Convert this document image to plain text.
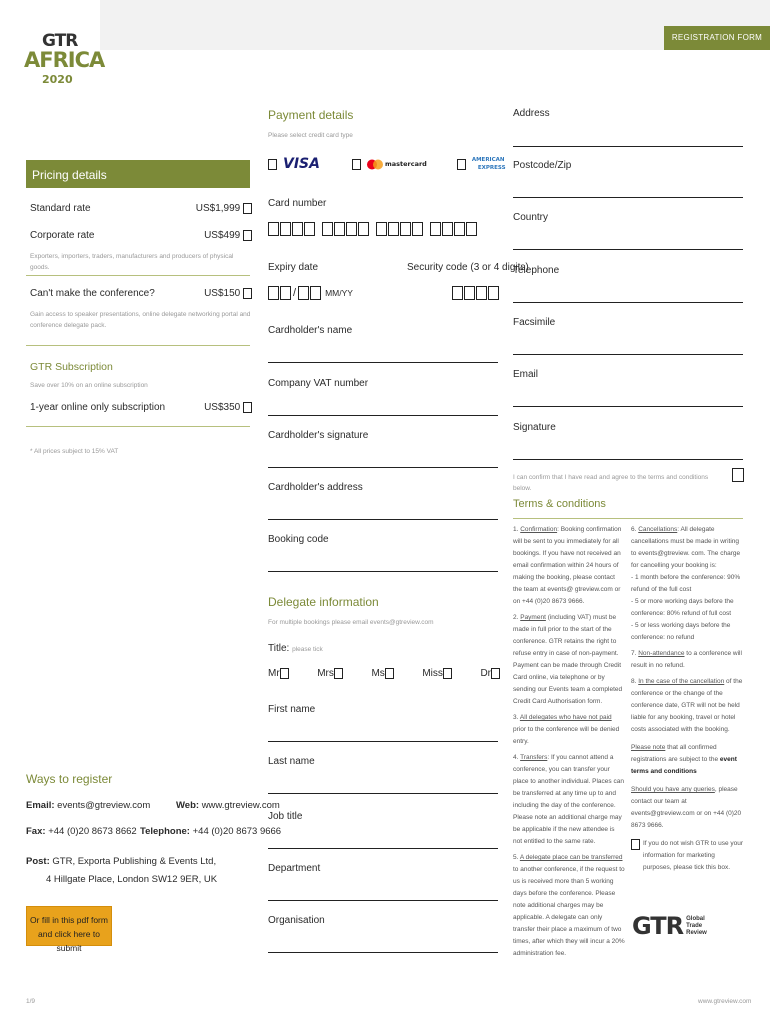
REGISTRATION FORM
GTR
AFRICA
2020
Pricing details
Standard rate	US$1,999
Corporate rate	US$499
Exporters, importers, traders, manufacturers and producers of physical goods.
Can't make the conference?	US$150
Gain access to speaker presentations, online delegate networking portal and conference delegate pack.
GTR Subscription
Save over 10% on an online subscription
1-year online only subscription	US$350
* All prices subject to 15% VAT
Ways to register
Email: events@gtreview.com	Web: www.gtreview.com
Fax: +44 (0)20 8673 8662 Telephone: +44 (0)20 8673 9666
Post: GTR, Exporta Publishing & Events Ltd,
4 Hillgate Place, London SW12 9ER, UK
Or fill in this pdf form
and click here to submit
Payment details
Please select credit card type
VISA	mastercard	AMERICAN
EXPRESS
Card number
Expiry date	Security code (3 or 4 digits)
/	MM/YY
Cardholder's name
Company VAT number
Cardholder's signature
Cardholder's address
Booking code
Delegate information
For multiple bookings please email events@gtreview.com
Title: please tick
Mr	Mrs	Ms	Miss	Dr
First name
Last name
Job title
Department
Organisation
Address
Postcode/Zip
Country
Telephone
Facsimile
Email
Signature
I can confirm that I have read and agree to the terms and conditions below.
Terms & conditions
1. Confirmation: Booking confirmation will be sent to you immediately for all bookings. If you have not received an email confirmation within 24 hours of making the booking, please contact the team at events@ gtreview.com or on +44 (0)20 8673 9666.
2. Payment (including VAT) must be made in full prior to the start of the conference. GTR retains the right to refuse entry in case of non-payment. Payment can be made through Credit Card online, via telephone or by sending our Events team a completed Credit Card Authorisation form.
3. All delegates who have not paid prior to the conference will be denied entry.
4. Transfers: If you cannot attend a conference, you can transfer your place to another individual. Places can be transferred at any time up to and including the day of the conference. Please note an additional charge may be applicable if the new attendee is not entitled to the same rate.
5. A delegate place can be transferred to another conference, if the request to us is received more than 5 working days before the conference. Please note additional charges may be applicable. A delegate can only transfer their place a maximum of two times, after which they will incur a 20% administration fee.
6. Cancellations: All delegate cancellations must be made in writing to events@gtreview. com. The charge for cancelling your booking is:
- 1 month before the conference: 90% refund of the full cost
- 5 or more working days before the conference: 80% refund of full cost
- 5 or less working days before the conference: no refund
7. Non-attendance to a conference will result in no refund.
8. In the case of the cancellation of the conference or the change of the conference date, GTR will not be held liable for any booking, travel or hotel costs associated with the booking.
Please note that all confirmed registrations are subject to the event terms and conditions
Should you have any queries, please contact our team at events@gtreview.com or on +44 (0)20 8673 9666.
If you do not wish GTR to use your information for marketing purposes, please tick this box.
GTR Global
Trade
Review
1/9	www.gtreview.com
